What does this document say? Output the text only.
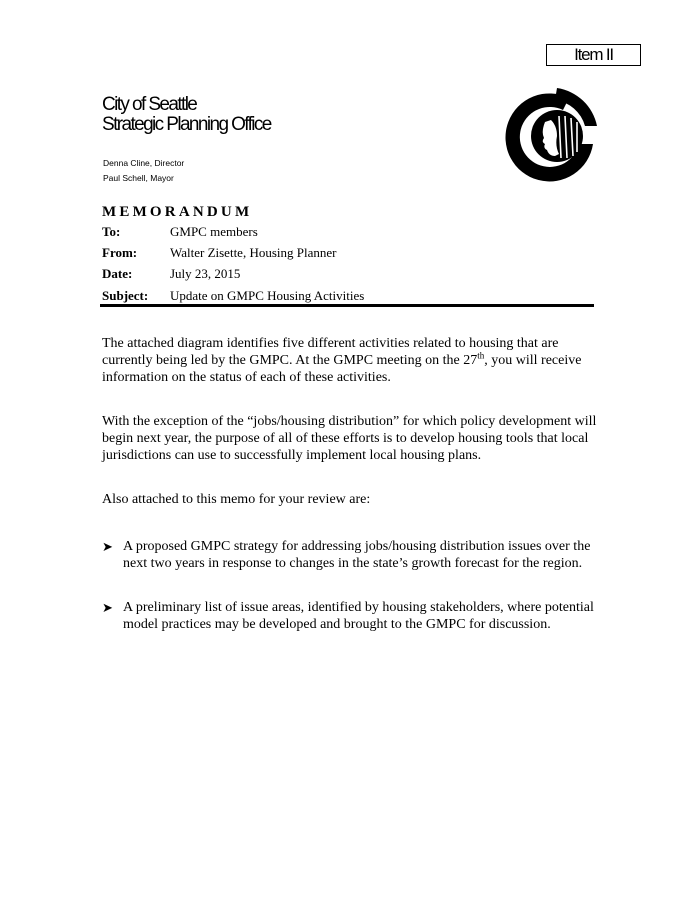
Item II
City of Seattle
Strategic Planning Office
Denna Cline, Director
Paul Schell, Mayor
MEMORANDUM
To:	GMPC members
From:	Walter Zisette, Housing Planner
Date:	July 23, 2015
Subject: Update on GMPC Housing Activities
The attached diagram identifies five different activities related to housing that are currently being led by the GMPC. At the GMPC meeting on the 27th, you will receive information on the status of each of these activities.
With the exception of the “jobs/housing distribution” for which policy development will begin next year, the purpose of all of these efforts is to develop housing tools that local jurisdictions can use to successfully implement local housing plans.
Also attached to this memo for your review are:
➤ A proposed GMPC strategy for addressing jobs/housing distribution issues over the next two years in response to changes in the state’s growth forecast for the region.
➤ A preliminary list of issue areas, identified by housing stakeholders, where potential model practices may be developed and brought to the GMPC for discussion.
